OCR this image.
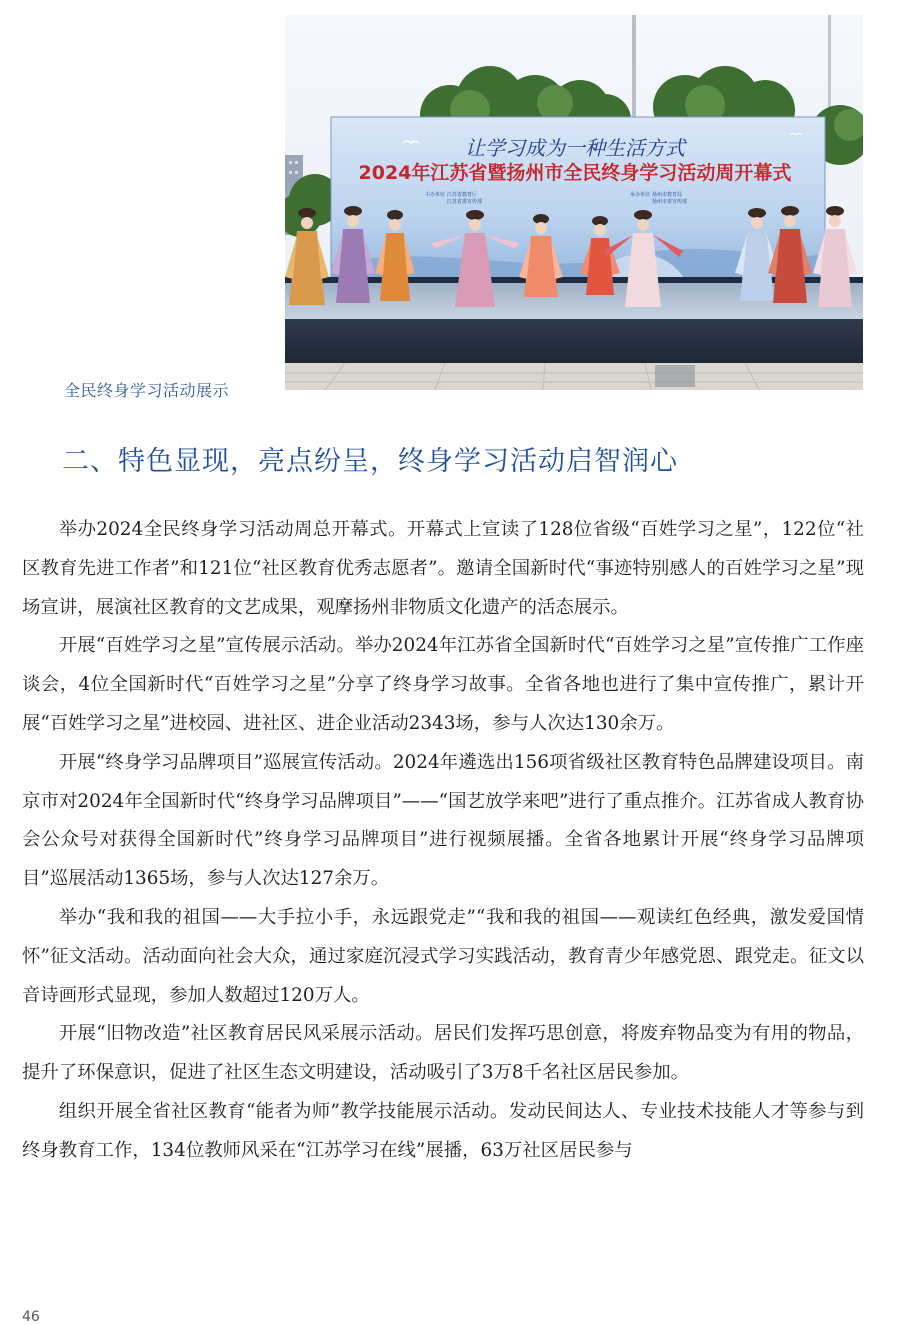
让学习成为一种生活方式
2024年江苏省暨扬州市全民终身学习活动周开幕式
主办单位 江苏省教育厅
江苏省委宣传部
承办单位 扬州市教育局
扬州市委宣传部
全民终身学习活动展示
二、特色显现，亮点纷呈，终身学习活动启智润心

举办2024全民终身学习活动周总开幕式。开幕式上宣读了128位省级“百姓学习之星”，122位“社区教育先进工作者”和121位“社区教育优秀志愿者”。邀请全国新时代“事迹特别感人的百姓学习之星”现场宣讲，展演社区教育的文艺成果，观摩扬州非物质文化遗产的活态展示。

开展“百姓学习之星”宣传展示活动。举办2024年江苏省全国新时代“百姓学习之星”宣传推广工作座谈会，4位全国新时代“百姓学习之星”分享了终身学习故事。全省各地也进行了集中宣传推广，累计开展“百姓学习之星”进校园、进社区、进企业活动2343场，参与人次达130余万。

开展“终身学习品牌项目”巡展宣传活动。2024年遴选出156项省级社区教育特色品牌建设项目。南京市对2024年全国新时代“终身学习品牌项目”——“国艺放学来吧”进行了重点推介。江苏省成人教育协会公众号对获得全国新时代”终身学习品牌项目”进行视频展播。全省各地累计开展“终身学习品牌项目”巡展活动1365场，参与人次达127余万。

举办“我和我的祖国——大手拉小手，永远跟党走”“我和我的祖国——观读红色经典，激发爱国情怀”征文活动。活动面向社会大众，通过家庭沉浸式学习实践活动，教育青少年感党恩、跟党走。征文以音诗画形式显现，参加人数超过120万人。

开展“旧物改造”社区教育居民风采展示活动。居民们发挥巧思创意，将废弃物品变为有用的物品，提升了环保意识，促进了社区生态文明建设，活动吸引了3万8千名社区居民参加。

组织开展全省社区教育“能者为师”教学技能展示活动。发动民间达人、专业技术技能人才等参与到终身教育工作，134位教师风采在“江苏学习在线”展播，63万社区居民参与

46
